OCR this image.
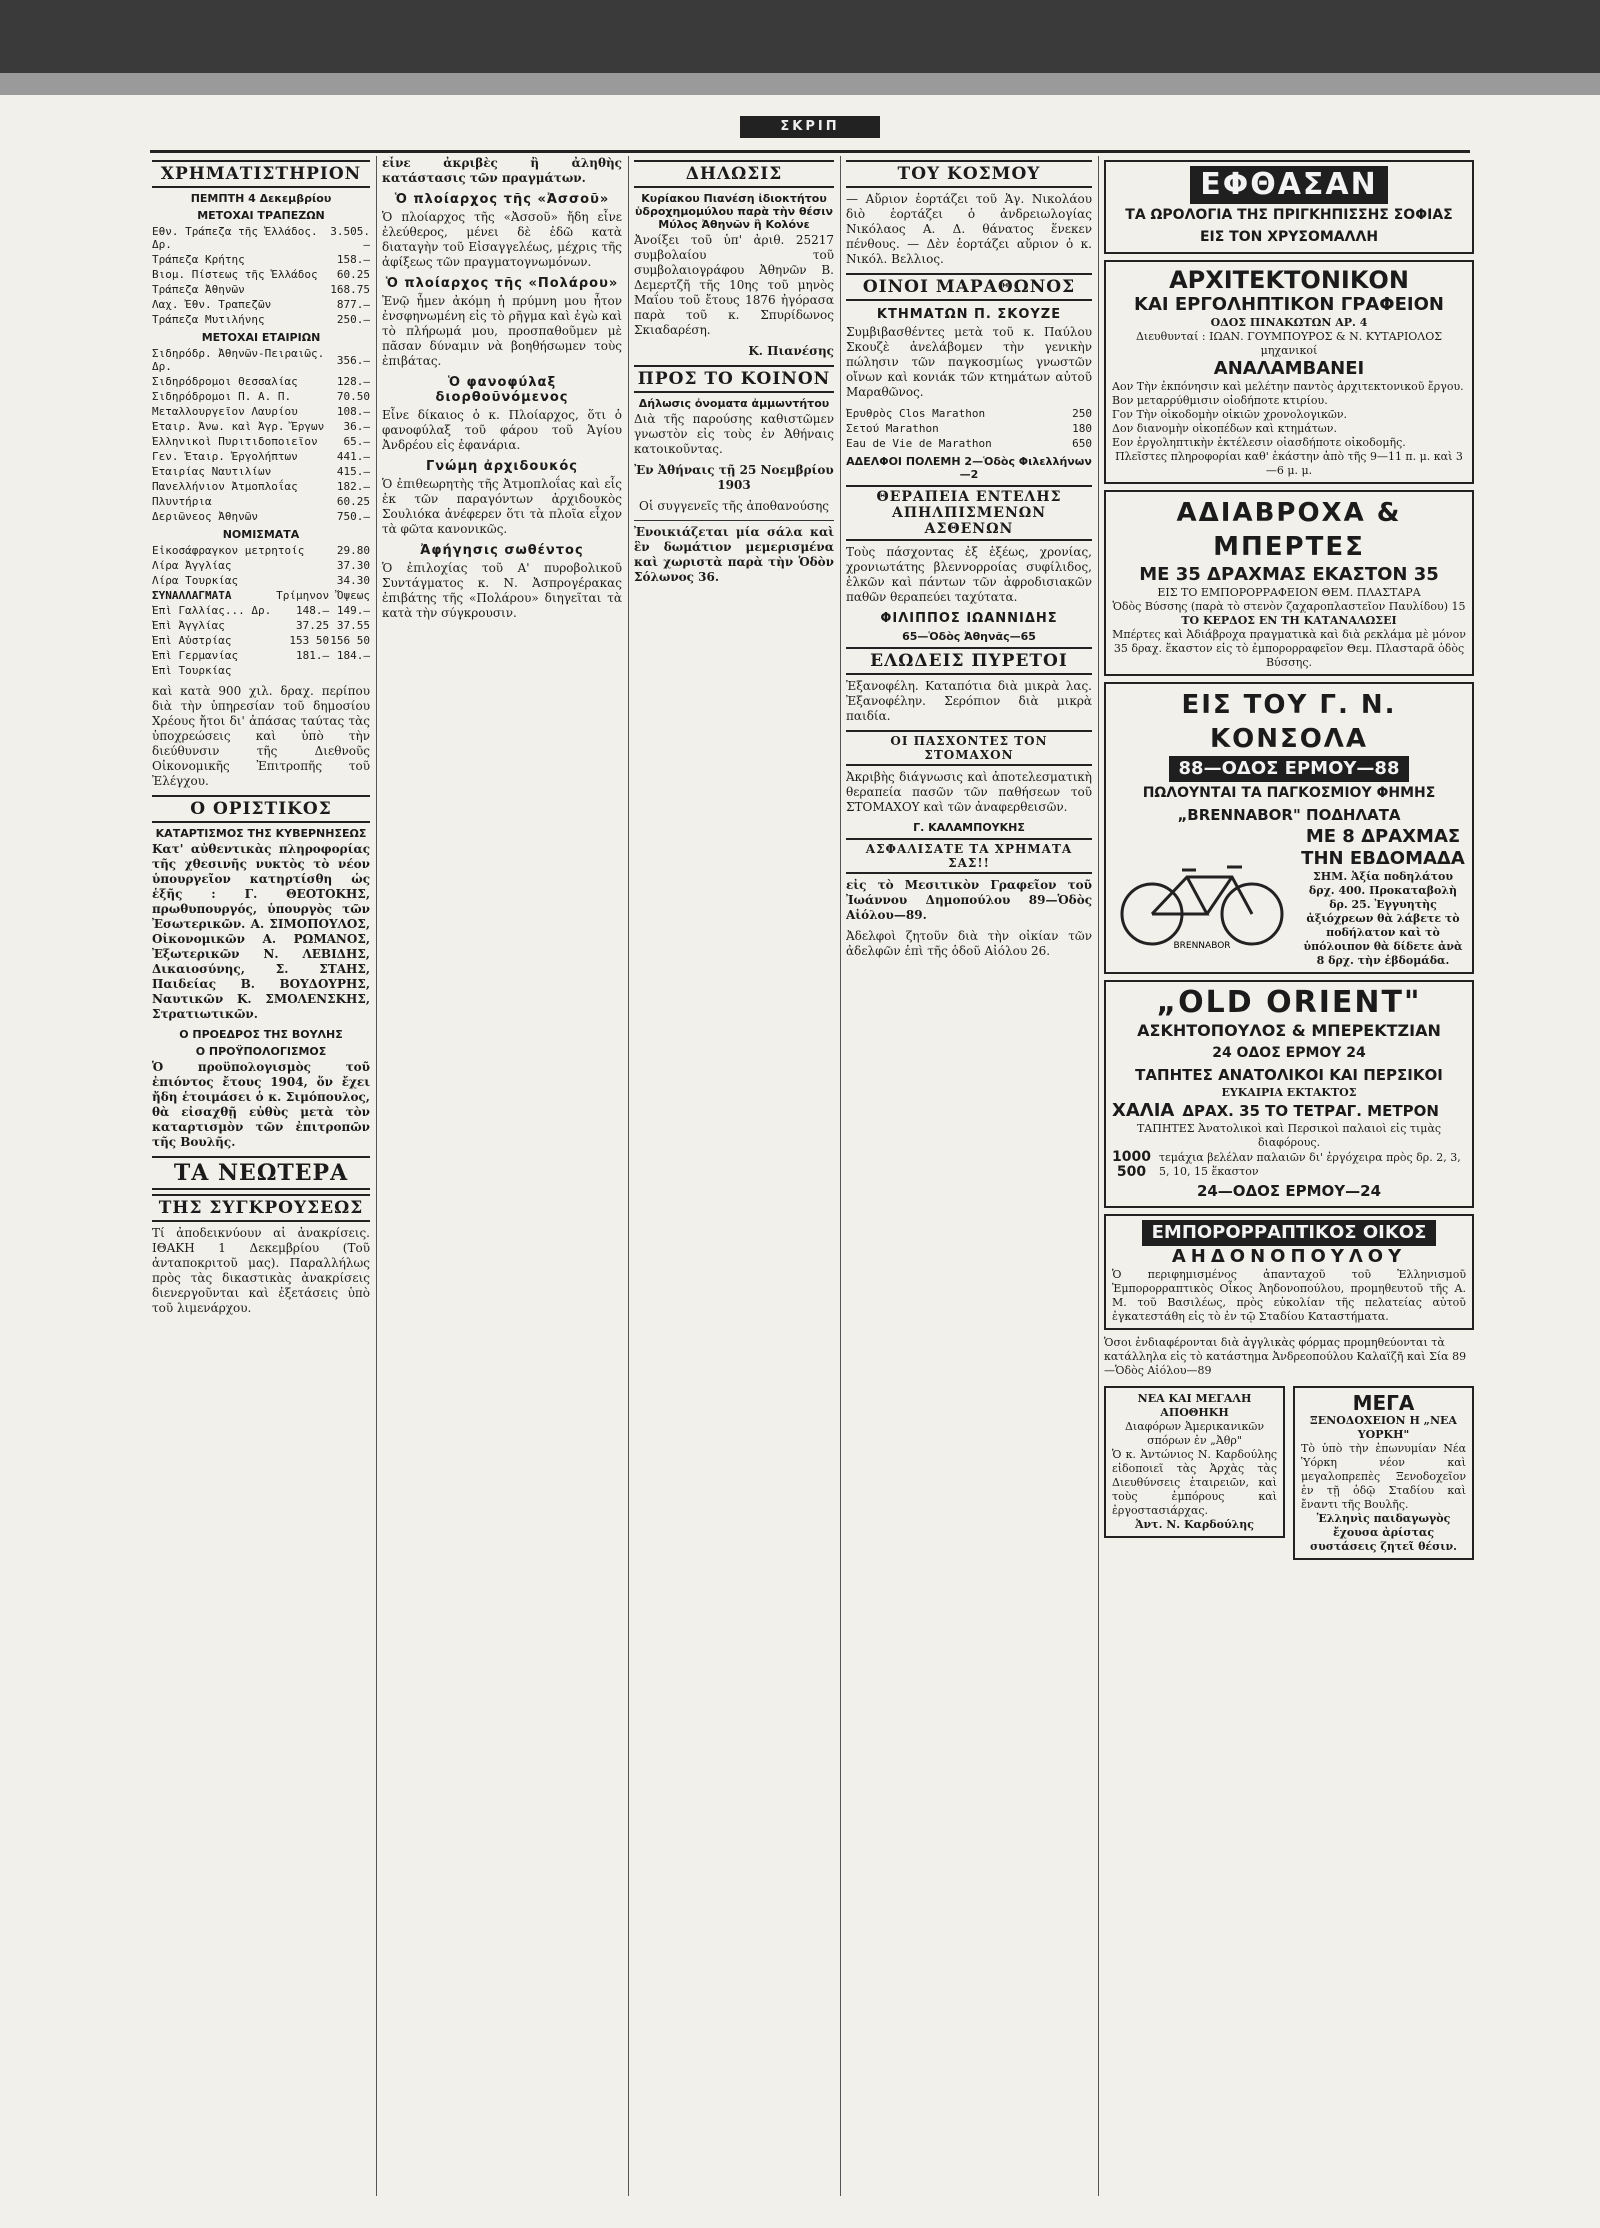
ΣΚΡΙΠ
ΧΡΗΜΑΤΙΣΤΗΡΙΟΝ
ΠΕΜΠΤΗ 4 Δεκεμβρίου
ΜΕΤΟΧΑΙ ΤΡΑΠΕΖΩΝ
Εθν. Τράπεζα τῆς Ἑλλάδος. Δρ.	3.505.—
Τράπεζα Κρήτης	158.—
Βιομ. Πίστεως τῆς Ἑλλάδος	60.25
Τράπεζα Ἀθηνῶν	168.75
Λαχ. Ἐθν. Τραπεζῶν	877.—
Τράπεζα Μυτιλήνης	250.—
ΜΕΤΟΧΑΙ ΕΤΑΙΡΙΩΝ
Σιδηρόδρ. Ἀθηνῶν-Πειραιῶς. Δρ.	356.—
Σιδηρόδρομοι Θεσσαλίας	128.—
Σιδηρόδρομοι Π. Α. Π.	70.50
Μεταλλουργεῖον Λαυρίου	108.—
Ἑταιρ. Ἀνω. καὶ Ἀγρ. Ἔργων	36.—
Ἑλληνικοὶ Πυριτιδοποιεῖον	65.—
Γεν. Ἑταιρ. Ἐργολήπτων	441.—
Ἐταιρίας Ναυτιλίων	415.—
Πανελλήνιον Ἀτμοπλοΐας	182.—
Πλυντήρια	60.25
Δεριῶνεος Ἀθηνῶν	750.—
ΝΟΜΙΣΜΑΤΑ
Εἰκοσάφραγκον μετρητοίς	29.80
Λίρα Ἀγγλίας	37.30
Λίρα Τουρκίας	34.30
ΣΥΝΑΛΛΑΓΜΑΤΑ	Τρίμηνον	Ὄψεως
Ἐπὶ Γαλλίας... Δρ.	148.—	149.—
Ἐπὶ Ἀγγλίας	37.25	37.55
Ἐπὶ Αὐστρίας	153 50	156 50
Ἐπὶ Γερμανίας	181.—	184.—
Ἐπὶ Τουρκίας		

καὶ κατὰ 900 χιλ. δραχ. περίπου διὰ τὴν ὑπηρεσίαν τοῦ δημοσίου Χρέους ἤτοι δι' ἀπάσας ταύτας τὰς ὑποχρεώσεις καὶ ὑπὸ τὴν διεύθυνσιν τῆς Διεθνοῦς Οἰκονομικῆς Ἐπιτροπῆς τοῦ Ἐλέγχου.

Ο ΟΡΙΣΤΙΚΟΣ
ΚΑΤΑΡΤΙΣΜΟΣ ΤΗΣ ΚΥΒΕΡΝΗΣΕΩΣ

Κατ' αὐθεντικὰς πληροφορίας τῆς χθεσινῆς νυκτὸς τὸ νέον ὑπουργεῖον κατηρτίσθη ὡς ἑξῆς : Γ. ΘΕΟΤΟΚΗΣ, πρωθυπουργός, ὑπουργὸς τῶν Ἐσωτερικῶν. Α. ΣΙΜΟΠΟΥΛΟΣ, Οἰκονομικῶν Α. ΡΩΜΑΝΟΣ, Ἐξωτερικῶν Ν. ΛΕΒΙΔΗΣ, Δικαιοσύνης, Σ. ΣΤΑΗΣ, Παιδείας Β. ΒΟΥΔΟΥΡΗΣ, Ναυτικῶν Κ. ΣΜΟΛΕΝΣΚΗΣ, Στρατιωτικῶν.

Ο ΠΡΟΕΔΡΟΣ ΤΗΣ ΒΟΥΛΗΣ
Ο ΠΡΟΫΠΟΛΟΓΙΣΜΟΣ

Ὁ προϋπολογισμὸς τοῦ ἐπιόντος ἔτους 1904, ὅν ἔχει ἤδη ἑτοιμάσει ὁ κ. Σιμόπουλος, θὰ εἰσαχθῇ εὐθὺς μετὰ τὸν καταρτισμὸν τῶν ἐπιτροπῶν τῆς Βουλῆς.

ΤΑ ΝΕΩΤΕΡΑ
ΤΗΣ ΣΥΓΚΡΟΥΣΕΩΣ

Τί ἀποδεικνύουν αἱ ἀνακρίσεις. ΙΘΑΚΗ 1 Δεκεμβρίου (Τοῦ ἀνταποκριτοῦ μας). Παραλλήλως πρὸς τὰς δικαστικὰς ἀνακρίσεις διενεργοῦνται καὶ ἐξετάσεις ὑπὸ τοῦ λιμενάρχου.

εἶνε ἀκριβὲς ἢ ἀληθὴς κατάστασις τῶν πραγμάτων.

Ὁ πλοίαρχος τῆς «Ἀσσοῦ»

Ὁ πλοίαρχος τῆς «Ἀσσοῦ» ἤδη εἶνε ἐλεύθερος, μένει δὲ ἐδῶ κατὰ διαταγὴν τοῦ Εἰσαγγελέως, μέχρις τῆς ἀφίξεως τῶν πραγματογνωμόνων.

Ὁ πλοίαρχος τῆς «Πολάρου»

Ἐνῷ ἦμεν ἀκόμη ἡ πρύμνη μου ἦτον ἐνσφηνωμένη εἰς τὸ ρῆγμα καὶ ἐγὼ καὶ τὸ πλήρωμά μου, προσπαθοῦμεν μὲ πᾶσαν δύναμιν νὰ βοηθήσωμεν τοὺς ἐπιβάτας.

Ὁ φανοφύλαξ διορθοῦνόμενος

Εἶνε δίκαιος ὁ κ. Πλοίαρχος, ὅτι ὁ φανοφύλαξ τοῦ φάρου τοῦ Ἁγίου Ἀνδρέου εἰς ἐφανάρια.

Γνώμη ἀρχιδουκός

Ὁ ἐπιθεωρητὴς τῆς Ἀτμοπλοΐας καὶ εἷς ἐκ τῶν παραγόντων ἀρχιδουκὸς Σουλιόκα ἀνέφερεν ὅτι τὰ πλοῖα εἶχον τὰ φῶτα κανονικῶς.

Ἀφήγησις σωθέντος

Ὁ ἐπιλοχίας τοῦ Α' πυροβολικοῦ Συντάγματος κ. Ν. Ἀσπρογέρακας ἐπιβάτης τῆς «Πολάρου» διηγεῖται τὰ κατὰ τὴν σύγκρουσιν.

ΔΗΛΩΣΙΣ
Κυρίακου Πιανέση ἰδιοκτήτου ὑδροχημομύλου παρὰ τὴν θέσιν Μύλος Ἀθηνῶν ἢ Κολόνε

Ἀνοίξει τοῦ ὑπ' ἀριθ. 25217 συμβολαίου τοῦ συμβολαιογράφου Ἀθηνῶν Β. Δεμερτζῆ τῆς 10ης τοῦ μηνὸς Μαΐου τοῦ ἔτους 1876 ἠγόρασα παρὰ τοῦ κ. Σπυρίδωνος Σκιαδαρέση.

Κ. Πιανέσης

ΠΡΟΣ ΤΟ ΚΟΙΝΟΝ
Δήλωσις ὀνοματα ἀμμωντήτου

Διὰ τῆς παρούσης καθιστῶμεν γνωστὸν εἰς τοὺς ἐν Ἀθήναις κατοικοῦντας.

Ἐν Ἀθήναις τῇ 25 Νοεμβρίου 1903

Οἱ συγγενεῖς τῆς ἀποθανούσης

Ἐνοικιάζεται μία σάλα καὶ ἓν δωμάτιον μεμερισμένα καὶ χωριστὰ παρὰ τὴν Ὁδὸν Σόλωνος 36.

ΤΟΥ ΚΟΣΜΟΥ

— Αὔριον ἑορτάζει τοῦ Ἁγ. Νικολάου διὸ ἑορτάζει ὁ ἀνδρειωλογίας Νικόλαος Α. Δ. θάνατος ἕνεκεν πένθους. — Δὲν ἑορτάζει αὔριον ὁ κ. Νικόλ. Βελλιος.

ΟΙΝΟΙ ΜΑΡΑΘΩΝΟΣ
ΚΤΗΜΑΤΩΝ Π. ΣΚΟΥΖΕ

Συμβιβασθέντες μετὰ τοῦ κ. Παύλου Σκουζὲ ἀνελάβομεν τὴν γενικὴν πώλησιν τῶν παγκοσμίως γνωστῶν οἴνων καὶ κονιάκ τῶν κτημάτων αὐτοῦ Μαραθῶνος.

Ἐρυθρὸς Clos Marathon	250
Σετού Marathon	180
Eau de Vie de Marathon	650
ΑΔΕΛΦΟΙ ΠΟΛΕΜΗ 2—Ὁδὸς Φιλελλήνων—2
ΘΕΡΑΠΕΙΑ ΕΝΤΕΛΗΣ ΑΠΗΛΠΙΣΜΕΝΩΝ ΑΣΘΕΝΩΝ

Τοὺς πάσχοντας ἐξ ἑξέως, χρονίας, χρονιωτάτης βλεννορροίας συφίλιδος, ἑλκῶν καὶ πάντων τῶν ἀφροδισιακῶν παθῶν θεραπεύει ταχύτατα.

ΦΙΛΙΠΠΟΣ ΙΩΑΝΝΙΔΗΣ
65—Ὁδὸς Ἀθηνᾶς—65
ΕΛΩΔΕΙΣ ΠΥΡΕΤΟΙ

Ἐξανοφέλη. Καταπότια διὰ μικρὰ λας. Ἐξανοφέλην. Σερόπιον διὰ μικρὰ παιδία.

ΟΙ ΠΑΣΧΟΝΤΕΣ ΤΟΝ ΣΤΟΜΑΧΟΝ

Ἀκριβὴς διάγνωσις καὶ ἀποτελεσματικὴ θεραπεία πασῶν τῶν παθήσεων τοῦ ΣΤΟΜΑΧΟΥ καὶ τῶν ἀναφερθεισῶν.

Γ. ΚΑΛΑΜΠΟΥΚΗΣ
ΑΣΦΑΛΙΣΑΤΕ ΤΑ ΧΡΗΜΑΤΑ ΣΑΣ!!

εἰς τὸ Μεσιτικὸν Γραφεῖον τοῦ Ἰωάννου Δημοπούλου 89—Ὁδὸς Αἰόλου—89.

Ἀδελφοὶ ζητοῦν διὰ τὴν οἰκίαν τῶν ἀδελφῶν ἐπὶ τῆς ὁδοῦ Αἰόλου 26.

ΕΦΘΑΣΑΝ
ΤΑ ΩΡΟΛΟΓΙΑ ΤΗΣ ΠΡΙΓΚΗΠΙΣΣΗΣ ΣΟΦΙΑΣ
ΕΙΣ ΤΟΝ ΧΡΥΣΟΜΑΛΛΗ
ΑΡΧΙΤΕΚΤΟΝΙΚΟΝ
ΚΑΙ ΕΡΓΟΛΗΠΤΙΚΟΝ ΓΡΑΦΕΙΟΝ
ΟΔΟΣ ΠΙΝΑΚΩΤΩΝ ΑΡ. 4
Διευθυνταί : ΙΩΑΝ. ΓΟΥΜΠΟΥΡΟΣ & Ν. ΚΥΤΑΡΙΟΛΟΣ μηχανικοί
ΑΝΑΛΑΜΒΑΝΕΙ
Αον Τὴν ἐκπόνησιν καὶ μελέτην παντὸς ἀρχιτεκτονικοῦ ἔργου.
Βον μεταρρύθμισιν οἰοδήποτε κτιρίου.
Γον Τὴν οἰκοδομὴν οἰκιῶν χρονολογικῶν.
Δον διανομὴν οἰκοπέδων καὶ κτημάτων.
Εον ἐργοληπτικὴν ἐκτέλεσιν οἰασδήποτε οἰκοδομῆς.
Πλεῖστες πληροφορίαι καθ' ἑκάστην ἀπὸ τῆς 9—11 π. μ. καὶ 3—6 μ. μ.
ΑΔΙΑΒΡΟΧΑ & ΜΠΕΡΤΕΣ
ΜΕ 35 ΔΡΑΧΜΑΣ ΕΚΑΣΤΟΝ 35
ΕΙΣ ΤΟ ΕΜΠΟΡΟΡΡΑΦΕΙΟΝ ΘΕΜ. ΠΛΑΣΤΑΡΑ
Ὁδὸς Βύσσης (παρὰ τὸ στενὸν ζαχαροπλαστεῖον Παυλίδου) 15
ΤΟ ΚΕΡΔΟΣ ΕΝ ΤΗ ΚΑΤΑΝΑΛΩΣΕΙ
Μπέρτες καὶ Ἀδιάβροχα πραγματικὰ καὶ διὰ ρεκλάμα μὲ μόνον 35 δραχ. ἕκαστον εἰς τὸ ἐμπορορραφεῖον Θεμ. Πλασταρᾶ ὁδὸς Βύσσης.
ΕΙΣ ΤΟΥ Γ. Ν. ΚΟΝΣΟΛΑ
88—ΟΔΟΣ ΕΡΜΟΥ—88
ΠΩΛΟΥΝΤΑΙ ΤΑ ΠΑΓΚΟΣΜΙΟΥ ΦΗΜΗΣ
„BRENNABOR" ΠΟΔΗΛΑΤΑ
BRENNABOR
ΜΕ 8 ΔΡΑΧΜΑΣ
ΤΗΝ ΕΒΔΟΜΑΔΑ
ΣΗΜ. Ἀξία ποδηλάτου δρχ. 400. Προκαταβολὴ δρ. 25. Ἐγγυητὴς ἀξιόχρεων θὰ λάβετε τὸ ποδήλατον καὶ τὸ ὑπόλοιπον θὰ δίδετε ἀνὰ 8 δρχ. τὴν ἑβδομάδα.
„OLD ORIENT"
ΑΣΚΗΤΟΠΟΥΛΟΣ & ΜΠΕΡΕΚΤΖΙΑΝ
24 ΟΔΟΣ ΕΡΜΟΥ 24
ΤΑΠΗΤΕΣ ΑΝΑΤΟΛΙΚΟΙ ΚΑΙ ΠΕΡΣΙΚΟΙ
ΕΥΚΑΙΡΙΑ ΕΚΤΑΚΤΟΣ
ΧΑΛΙΑ ΔΡΑΧ. 35 ΤΟ ΤΕΤΡΑΓ. ΜΕΤΡΟΝ
ΤΑΠΗΤΕΣ Ἀνατολικοὶ καὶ Περσικοὶ παλαιοὶ εἰς τιμὰς διαφόρους.
1000
500
τεμάχια βελέλαν παλαιῶν δι' ἐργόχειρα πρὸς δρ. 2, 3, 5, 10, 15 ἕκαστον
24—ΟΔΟΣ ΕΡΜΟΥ—24
ΕΜΠΟΡΟΡΡΑΠΤΙΚΟΣ ΟΙΚΟΣ
ΑΗΔΟΝΟΠΟΥΛΟΥ
Ὁ περιφημισμένος ἀπανταχοῦ τοῦ Ἑλληνισμοῦ Ἐμπορορραπτικὸς Οἶκος Ἀηδονοπούλου, προμηθευτοῦ τῆς Α. Μ. τοῦ Βασιλέως, πρὸς εὐκολίαν τῆς πελατείας αὐτοῦ ἐγκατεστάθη εἰς τὸ ἐν τῷ Σταδίου Καταστήματα.
Ὁσοι ἐνδιαφέρονται διὰ ἀγγλικὰς φόρμας προμηθεύονται τὰ κατάλληλα εἰς τὸ κατάστημα Ἀνδρεοπούλου Καλαϊζῆ καὶ Σία 89—Ὁδὸς Αἰόλου—89
ΝΕΑ ΚΑΙ ΜΕΓΑΛΗ ΑΠΟΘΗΚΗ
Διαφόρων Ἀμερικανικῶν σπόρων ἐν „Ἀθρ"
Ὁ κ. Ἀντώνιος Ν. Καρδούλης εἰδοποιεῖ τὰς Ἀρχὰς τὰς Διευθύνσεις ἑταιρειῶν, καὶ τοὺς ἐμπόρους καὶ ἐργοστασιάρχας.
Ἀντ. Ν. Καρδούλης
ΜΕΓΑ
ΞΕΝΟΔΟΧΕΙΟΝ Η „ΝΕΑ ΥΟΡΚΗ"
Τὸ ὑπὸ τὴν ἐπωνυμίαν Νέα Ὑόρκη νέον καὶ μεγαλοπρεπὲς Ξενοδοχεῖον ἐν τῇ ὁδῷ Σταδίου καὶ ἔναντι τῆς Βουλῆς.
Ἑλληνὶς παιδαγωγὸς ἔχουσα ἀρίστας συστάσεις ζητεῖ θέσιν.
